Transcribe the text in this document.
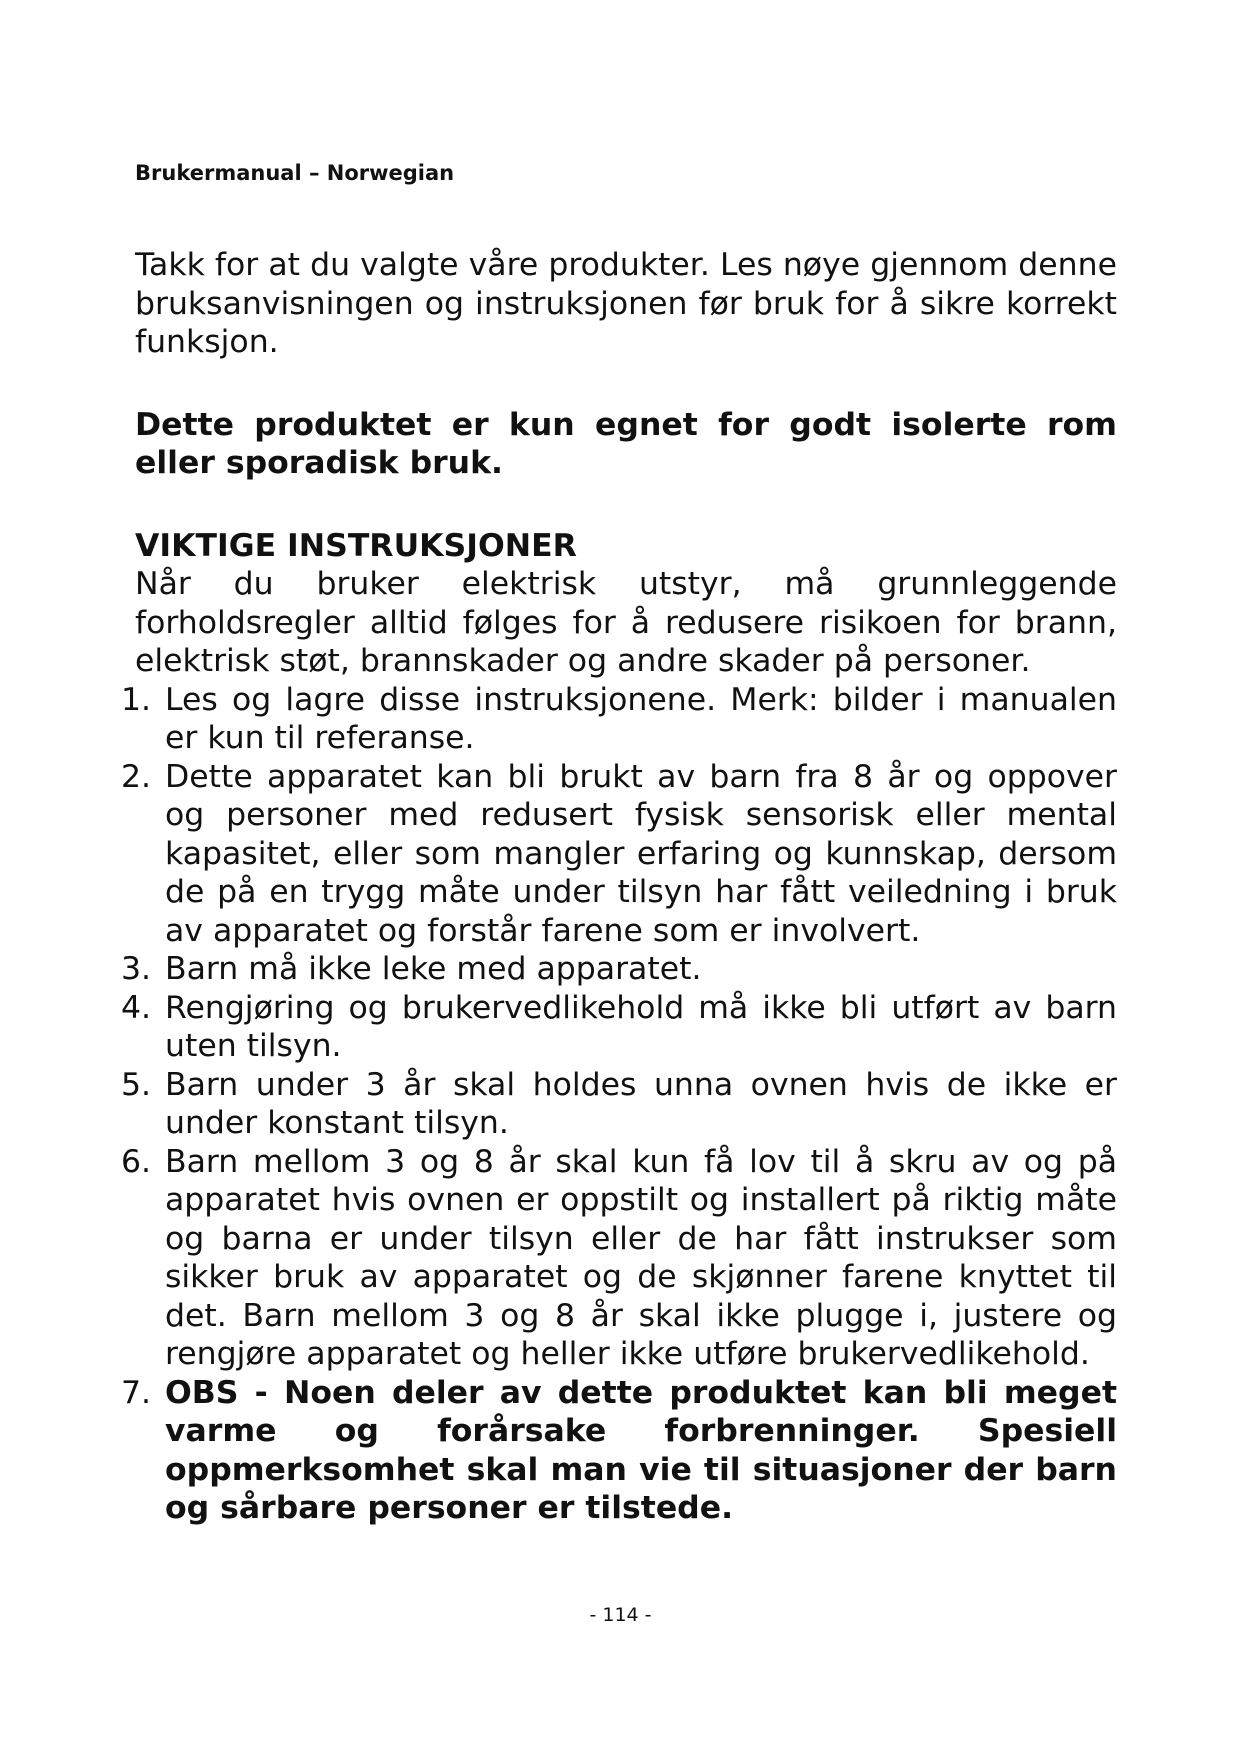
Brukermanual – Norwegian

Takk for at du valgte våre produkter. Les nøye gjennom denne bruksanvisningen og instruksjonen før bruk for å sikre korrekt funksjon.

Dette produktet er kun egnet for godt isolerte rom eller sporadisk bruk.

VIKTIGE INSTRUKSJONER

Når du bruker elektrisk utstyr, må grunnleggende forholdsregler alltid følges for å redusere risikoen for brann, elektrisk støt, brannskader og andre skader på personer.

1. Les og lagre disse instruksjonene. Merk: bilder i manualen er kun til referanse.
2. Dette apparatet kan bli brukt av barn fra 8 år og oppover og personer med redusert fysisk sensorisk eller mental kapasitet, eller som mangler erfaring og kunnskap, dersom de på en trygg måte under tilsyn har fått veiledning i bruk av apparatet og forstår farene som er involvert.
3. Barn må ikke leke med apparatet.
4. Rengjøring og brukervedlikehold må ikke bli utført av barn uten tilsyn.
5. Barn under 3 år skal holdes unna ovnen hvis de ikke er under konstant tilsyn.
6. Barn mellom 3 og 8 år skal kun få lov til å skru av og på apparatet hvis ovnen er oppstilt og installert på riktig måte og barna er under tilsyn eller de har fått instrukser som sikker bruk av apparatet og de skjønner farene knyttet til det. Barn mellom 3 og 8 år skal ikke plugge i, justere og rengjøre apparatet og heller ikke utføre brukervedlikehold.
7. OBS - Noen deler av dette produktet kan bli meget varme og forårsake forbrenninger. Spesiell oppmerksomhet skal man vie til situasjoner der barn og sårbare personer er tilstede.
- 114 -
